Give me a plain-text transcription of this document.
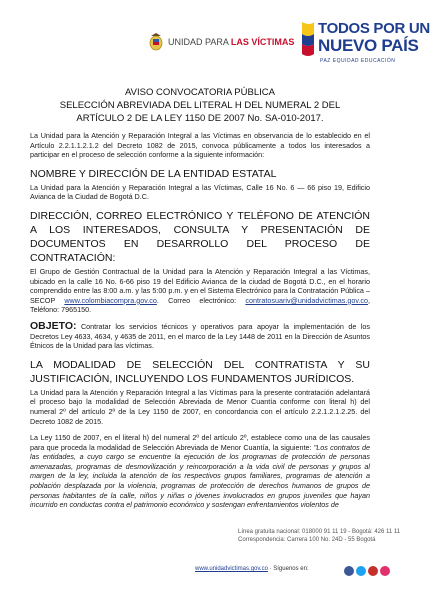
UNIDAD PARA LAS VÍCTIMAS
TODOS POR UN
NUEVO PAÍS
PAZ EQUIDAD EDUCACIÓN
AVISO CONVOCATORIA PÚBLICA
SELECCIÓN ABREVIADA DEL LITERAL H DEL NUMERAL 2 DEL
ARTÍCULO 2 DE LA LEY 1150 DE 2007 No. SA-010-2017.

La Unidad para la Atención y Reparación Integral a las Víctimas en observancia de lo establecido en el Artículo 2.2.1.1.2.1.2 del Decreto 1082 de 2015, convoca públicamente a todos los interesados a participar en el proceso de selección conforme a la siguiente información:

NOMBRE Y DIRECCIÓN DE LA ENTIDAD ESTATAL

La Unidad para la Atención y Reparación Integral a las Víctimas, Calle 16 No. 6 — 66 piso 19, Edificio Avianca de la Ciudad de Bogotá D.C.

DIRECCIÓN, CORREO ELECTRÓNICO Y TELÉFONO DE ATENCIÓN A LOS INTERESADOS, CONSULTA Y PRESENTACIÓN DE DOCUMENTOS EN DESARROLLO DEL PROCESO DE CONTRATACIÓN:

El Grupo de Gestión Contractual de la Unidad para la Atención y Reparación Integral a las Víctimas, ubicado en la calle 16 No. 6-66 piso 19 del Edificio Avianca de la ciudad de Bogotá D.C., en el horario comprendido entre las 8:00 a.m. y las 5:00 p.m. y en el Sistema Electrónico para la Contratación Pública – SECOP www.colombiacompra.gov.co. Correo electrónico: contratosuariv@unidadvictimas.gov.co, Teléfono: 7965150.

OBJETO: Contratar los servicios técnicos y operativos para apoyar la implementación de los Decretos Ley 4633, 4634, y 4635 de 2011, en el marco de la Ley 1448 de 2011 en la Dirección de Asuntos Étnicos de la Unidad para las víctimas.

LA MODALIDAD DE SELECCIÓN DEL CONTRATISTA Y SU JUSTIFICACIÓN, INCLUYENDO LOS FUNDAMENTOS JURÍDICOS.

La Unidad para la Atención y Reparación Integral a las Víctimas para la presente contratación adelantará el proceso bajo la modalidad de Selección Abreviada de Menor Cuantía conforme con literal h) del numeral 2º del artículo 2º de la Ley 1150 de 2007, en concordancia con el artículo 2.2.1.2.1.2.25. del Decreto 1082 de 2015.

La Ley 1150 de 2007, en el literal h) del numeral 2º del artículo 2º, establece como una de las causales para que proceda la modalidad de Selección Abreviada de Menor Cuantía, la siguiente: "Los contratos de las entidades, a cuyo cargo se encuentre la ejecución de los programas de protección de personas amenazadas, programas de desmovilización y reincorporación a la vida civil de personas y grupos al margen de la ley, incluida la atención de los respectivos grupos familiares, programas de atención a población desplazada por la violencia, programas de protección de derechos humanos de grupos de personas habitantes de la calle, niños y niñas o jóvenes involucrados en grupos juveniles que hayan incurrido en conductas contra el patrimonio económico y sostengan enfrentamientos violentos de

Línea gratuita nacional: 018000 91 11 19 - Bogotá: 426 11 11
Correspondencia: Carrera 100 No. 24D - 55 Bogotá
www.unidadvictimas.gov.co · Síguenos en:
